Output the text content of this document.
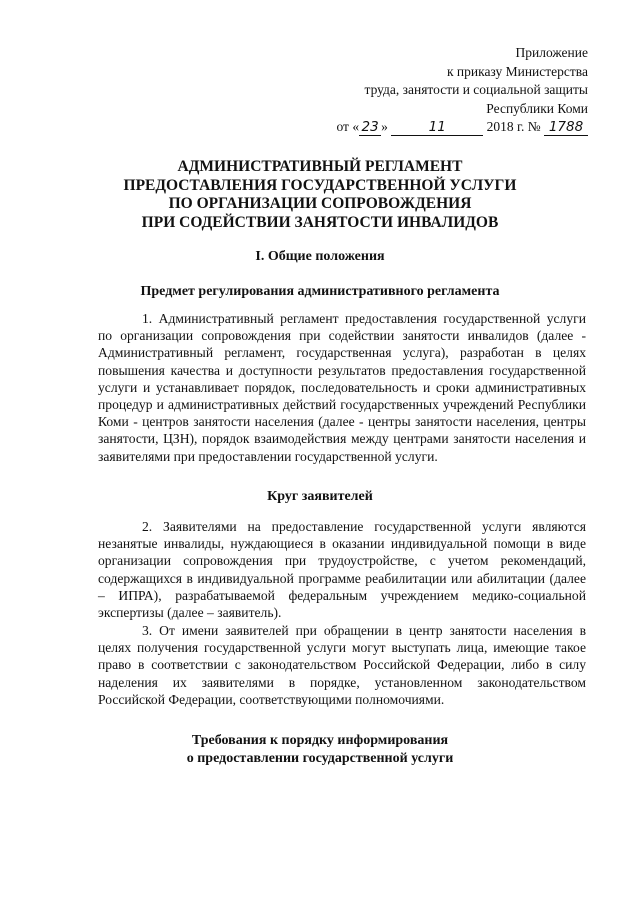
Приложение
к приказу Министерства
труда, занятости и социальной защиты
Республики Коми
от « 23 »	11	2018 г. № 1788
АДМИНИСТРАТИВНЫЙ РЕГЛАМЕНТ
ПРЕДОСТАВЛЕНИЯ ГОСУДАРСТВЕННОЙ УСЛУГИ
ПО ОРГАНИЗАЦИИ СОПРОВОЖДЕНИЯ
ПРИ СОДЕЙСТВИИ ЗАНЯТОСТИ ИНВАЛИДОВ
I. Общие положения
Предмет регулирования административного регламента

1. Административный регламент предоставления государственной услуги по организации сопровождения при содействии занятости инвалидов (далее - Административный регламент, государственная услуга), разработан в целях повышения качества и доступности результатов предоставления государственной услуги и устанавливает порядок, последовательность и сроки административных процедур и административных действий государственных учреждений Республики Коми - центров занятости населения (далее - центры занятости населения, центры занятости, ЦЗН), порядок взаимодействия между центрами занятости населения и заявителями при предоставлении государственной услуги.

Круг заявителей

2. Заявителями на предоставление государственной услуги являются незанятые инвалиды, нуждающиеся в оказании индивидуальной помощи в виде организации сопровождения при трудоустройстве, с учетом рекомендаций, содержащихся в индивидуальной программе реабилитации или абилитации (далее – ИПРА), разрабатываемой федеральным учреждением медико-социальной экспертизы (далее – заявитель).

3. От имени заявителей при обращении в центр занятости населения в целях получения государственной услуги могут выступать лица, имеющие такое право в соответствии с законодательством Российской Федерации, либо в силу наделения их заявителями в порядке, установленном законодательством Российской Федерации, соответствующими полномочиями.

Требования к порядку информирования
о предоставлении государственной услуги
